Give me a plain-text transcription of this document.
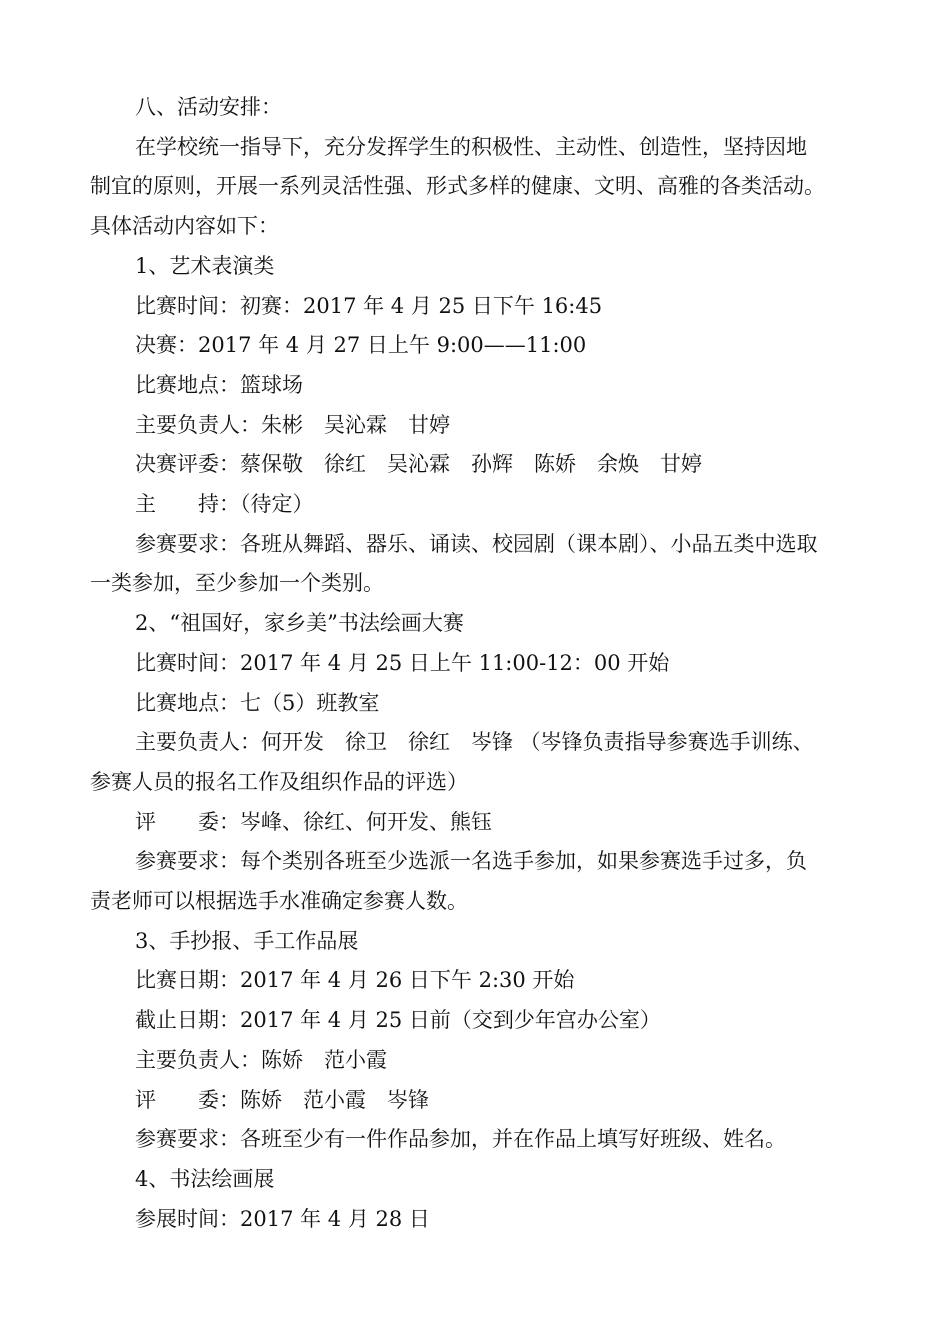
八、活动安排：

在学校统一指导下，充分发挥学生的积极性、主动性、创造性，坚持因地

制宜的原则，开展一系列灵活性强、形式多样的健康、文明、高雅的各类活动。

具体活动内容如下：

1、艺术表演类

比赛时间：初赛：2017 年 4 月 25 日下午 16:45

决赛：2017 年 4 月 27 日上午 9:00——11:00

比赛地点：篮球场

主要负责人：朱彬　吴沁霖　甘婷

决赛评委：蔡保敬　徐红　吴沁霖　孙辉　陈娇　余焕　甘婷

主　　持：（待定）

参赛要求：各班从舞蹈、器乐、诵读、校园剧（课本剧）、小品五类中选取

一类参加，至少参加一个类别。

2、“祖国好，家乡美”书法绘画大赛

比赛时间：2017 年 4 月 25 日上午 11:00-12：00 开始

比赛地点：七（5）班教室

主要负责人：何开发　徐卫　徐红　岑锋 （岑锋负责指导参赛选手训练、

参赛人员的报名工作及组织作品的评选）

评　　委：岑峰、徐红、何开发、熊钰

参赛要求：每个类别各班至少选派一名选手参加，如果参赛选手过多，负

责老师可以根据选手水准确定参赛人数。

3、手抄报、手工作品展

比赛日期：2017 年 4 月 26 日下午 2:30 开始

截止日期：2017 年 4 月 25 日前（交到少年宫办公室）

主要负责人：陈娇　范小霞

评　　委：陈娇　范小霞　岑锋

参赛要求：各班至少有一件作品参加，并在作品上填写好班级、姓名。

4、书法绘画展

参展时间：2017 年 4 月 28 日
